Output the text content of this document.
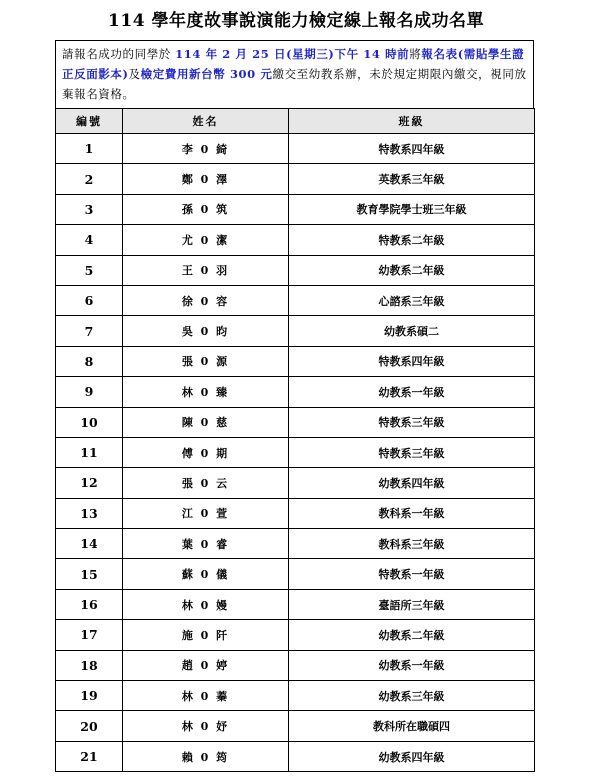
114 學年度故事說演能力檢定線上報名成功名單
請報名成功的同學於 114 年 2 月 25 日(星期三)下午 14 時前將報名表(需貼學生證正反面影本)及檢定費用新台幣 300 元繳交至幼教系辦，未於規定期限內繳交，視同放棄報名資格。
編號	姓名	班級
1	李 0 綺	特教系四年級
2	鄭 0 澤	英教系三年級
3	孫 0 筑	教育學院學士班三年級
4	尤 0 潔	特教系二年級
5	王 0 羽	幼教系二年級
6	徐 0 容	心諮系三年級
7	吳 0 昀	幼教系碩二
8	張 0 源	特教系四年級
9	林 0 臻	幼教系一年級
10	陳 0 慈	特教系三年級
11	傅 0 期	特教系三年級
12	張 0 云	幼教系四年級
13	江 0 萱	教科系一年級
14	葉 0 睿	教科系三年級
15	蘇 0 儀	特教系一年級
16	林 0 嫚	臺語所三年級
17	施 0 阡	幼教系二年級
18	趙 0 婷	幼教系一年級
19	林 0 蓁	幼教系三年級
20	林 0 妤	教科所在職碩四
21	賴 0 筠	幼教系四年級
